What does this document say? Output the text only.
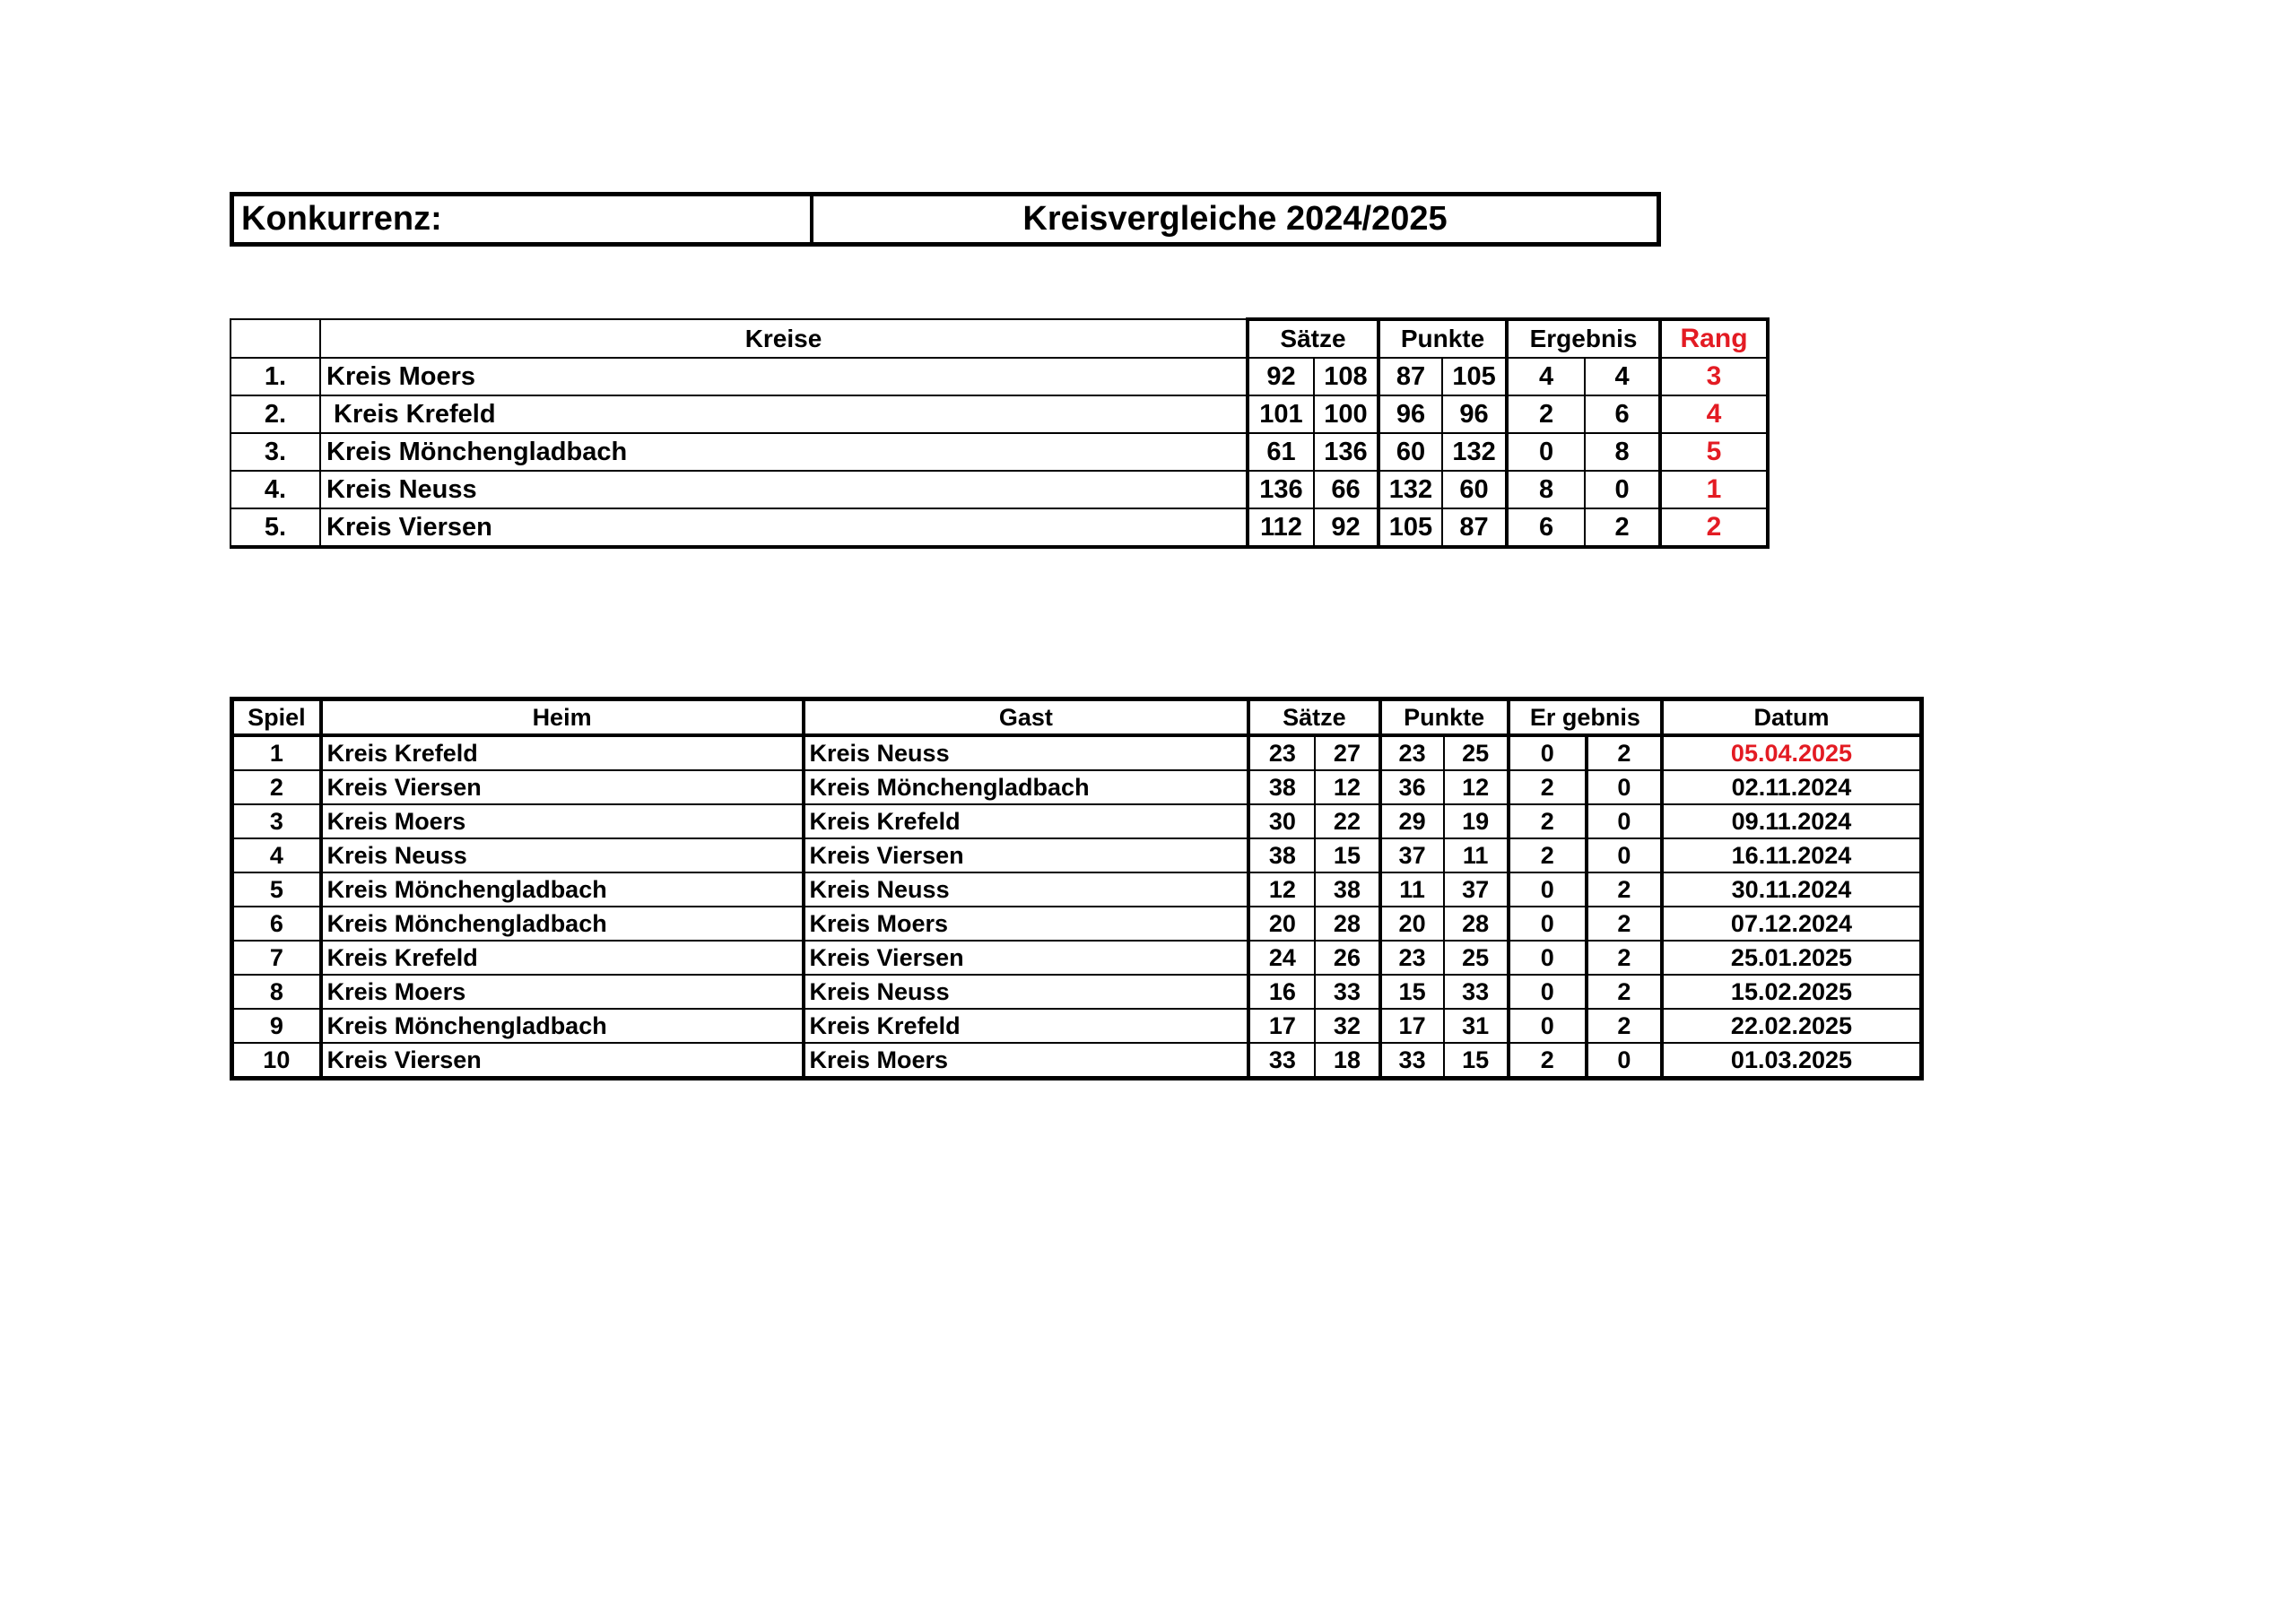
Konkurrenz:	Kreisvergleiche 2024/2025
	Kreise	Sätze		Punkte		Ergebnis		Rang
1.	Kreis Moers	92	108	87	105	4	4	3
2.	Kreis Krefeld	101	100	96	96	2	6	4
3.	Kreis Mönchengladbach	61	136	60	132	0	8	5
4.	Kreis Neuss	136	66	132	60	8	0	1
5.	Kreis Viersen	112	92	105	87	6	2	2
Spiel	Heim	Gast	Sätze		Punkte		Er gebnis		Datum
1	Kreis Krefeld	Kreis Neuss	23	27	23	25	0	2	05.04.2025
2	Kreis Viersen	Kreis Mönchengladbach	38	12	36	12	2	0	02.11.2024
3	Kreis Moers	Kreis Krefeld	30	22	29	19	2	0	09.11.2024
4	Kreis Neuss	Kreis Viersen	38	15	37	11	2	0	16.11.2024
5	Kreis Mönchengladbach	Kreis Neuss	12	38	11	37	0	2	30.11.2024
6	Kreis Mönchengladbach	Kreis Moers	20	28	20	28	0	2	07.12.2024
7	Kreis Krefeld	Kreis Viersen	24	26	23	25	0	2	25.01.2025
8	Kreis Moers	Kreis Neuss	16	33	15	33	0	2	15.02.2025
9	Kreis Mönchengladbach	Kreis Krefeld	17	32	17	31	0	2	22.02.2025
10	Kreis Viersen	Kreis Moers	33	18	33	15	2	0	01.03.2025
